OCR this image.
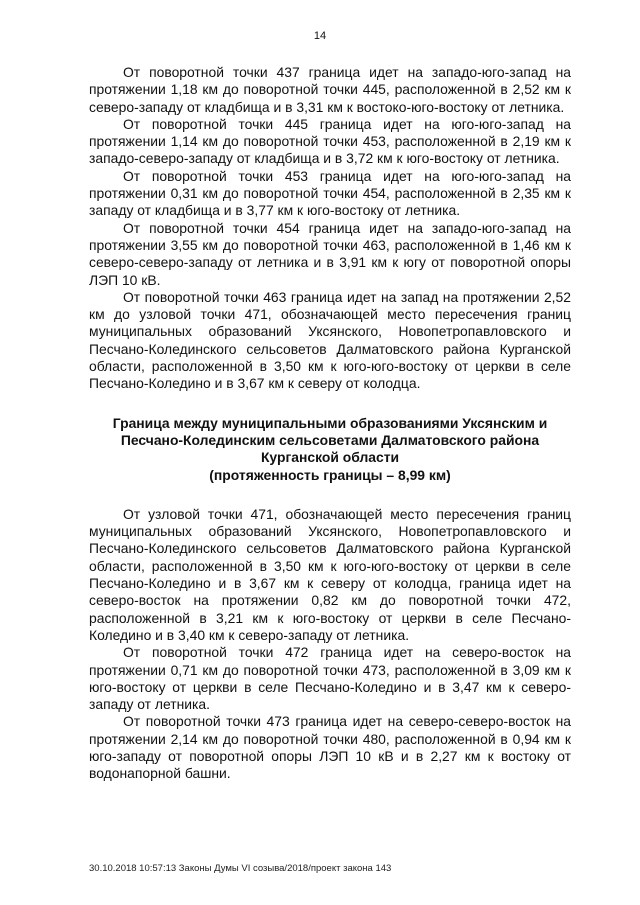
14

От поворотной точки 437 граница идет на западо-юго-запад на протяжении 1,18 км до поворотной точки 445, расположенной в 2,52 км к северо-западу от кладбища и в 3,31 км к востоко-юго-востоку от летника.

От поворотной точки 445 граница идет на юго-юго-запад на протяжении 1,14 км до поворотной точки 453, расположенной в 2,19 км к западо-северо-западу от кладбища и в 3,72 км к юго-востоку от летника.

От поворотной точки 453 граница идет на юго-юго-запад на протяжении 0,31 км до поворотной точки 454, расположенной в 2,35 км к западу от кладбища и в 3,77 км к юго-востоку от летника.

От поворотной точки 454 граница идет на западо-юго-запад на протяжении 3,55 км до поворотной точки 463, расположенной в 1,46 км к северо-северо-западу от летника и в 3,91 км к югу от поворотной опоры ЛЭП 10 кВ.

От поворотной точки 463 граница идет на запад на протяжении 2,52 км до узловой точки 471, обозначающей место пересечения границ муниципальных образований Уксянского, Новопетропавловского и Песчано-Колединского сельсоветов Далматовского района Курганской области, расположенной в 3,50 км к юго-юго-востоку от церкви в селе Песчано-Колединo и в 3,67 км к северу от колодца.

Граница между муниципальными образованиями Уксянским и
Песчано-Колединским сельсоветами Далматовского района
Курганской области
(протяженность границы – 8,99 км)

От узловой точки 471, обозначающей место пересечения границ муниципальных образований Уксянского, Новопетропавловского и Песчано-Колединского сельсоветов Далматовского района Курганской области, расположенной в 3,50 км к юго-юго-востоку от церкви в селе Песчано-Колединo и в 3,67 км к северу от колодца, граница идет на северо-восток на протяжении 0,82 км до поворотной точки 472, расположенной в 3,21 км к юго-востоку от церкви в селе Песчано-Колединo и в 3,40 км к северо-западу от летника.

От поворотной точки 472 граница идет на северо-восток на протяжении 0,71 км до поворотной точки 473, расположенной в 3,09 км к юго-востоку от церкви в селе Песчано-Колединo и в 3,47 км к северо-западу от летника.

От поворотной точки 473 граница идет на северо-северо-восток на протяжении 2,14 км до поворотной точки 480, расположенной в 0,94 км к юго-западу от поворотной опоры ЛЭП 10 кВ и в 2,27 км к востоку от водонапорной башни.

30.10.2018 10:57:13 Законы Думы VI созыва/2018/проект закона 143
